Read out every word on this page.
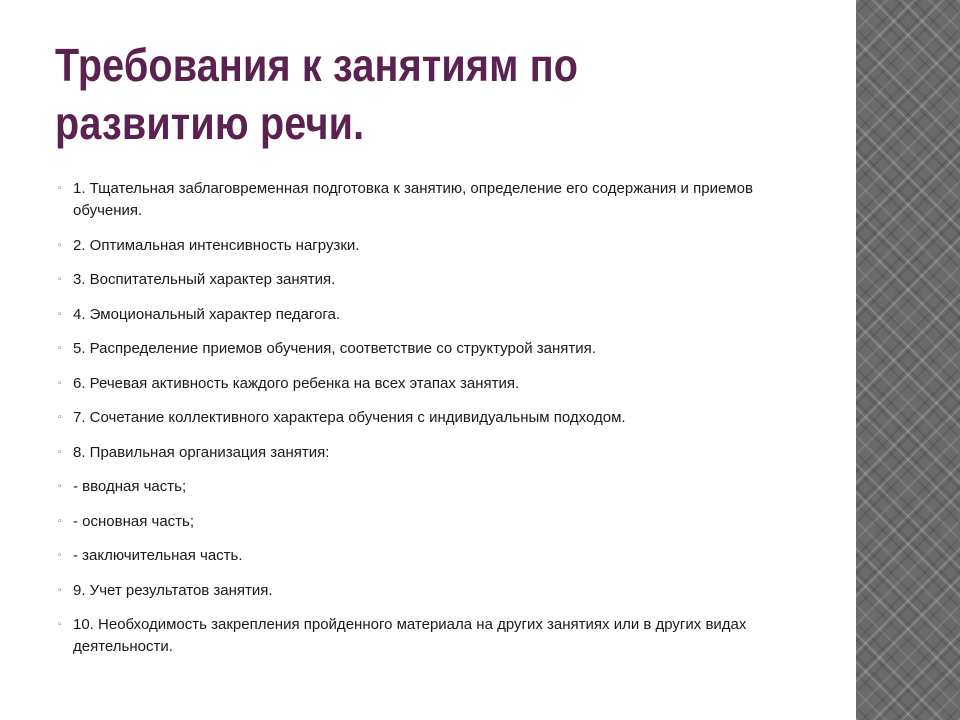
Требования к занятиям по развитию речи.
▫ 1. Тщательная заблаговременная подготовка к занятию, определение его содержания и приемов обучения.
▫ 2. Оптимальная интенсивность нагрузки.
▫ 3. Воспитательный характер занятия.
▫ 4. Эмоциональный характер педагога.
▫ 5. Распределение приемов обучения, соответствие со структурой занятия.
▫ 6. Речевая активность каждого ребенка на всех этапах занятия.
▫ 7. Сочетание коллективного характера обучения с индивидуальным подходом.
▫ 8. Правильная организация занятия:
▫ - вводная часть;
▫ - основная часть;
▫ - заключительная часть.
▫ 9. Учет результатов занятия.
▫ 10. Необходимость закрепления пройденного материала на других занятиях или в других видах деятельности.
